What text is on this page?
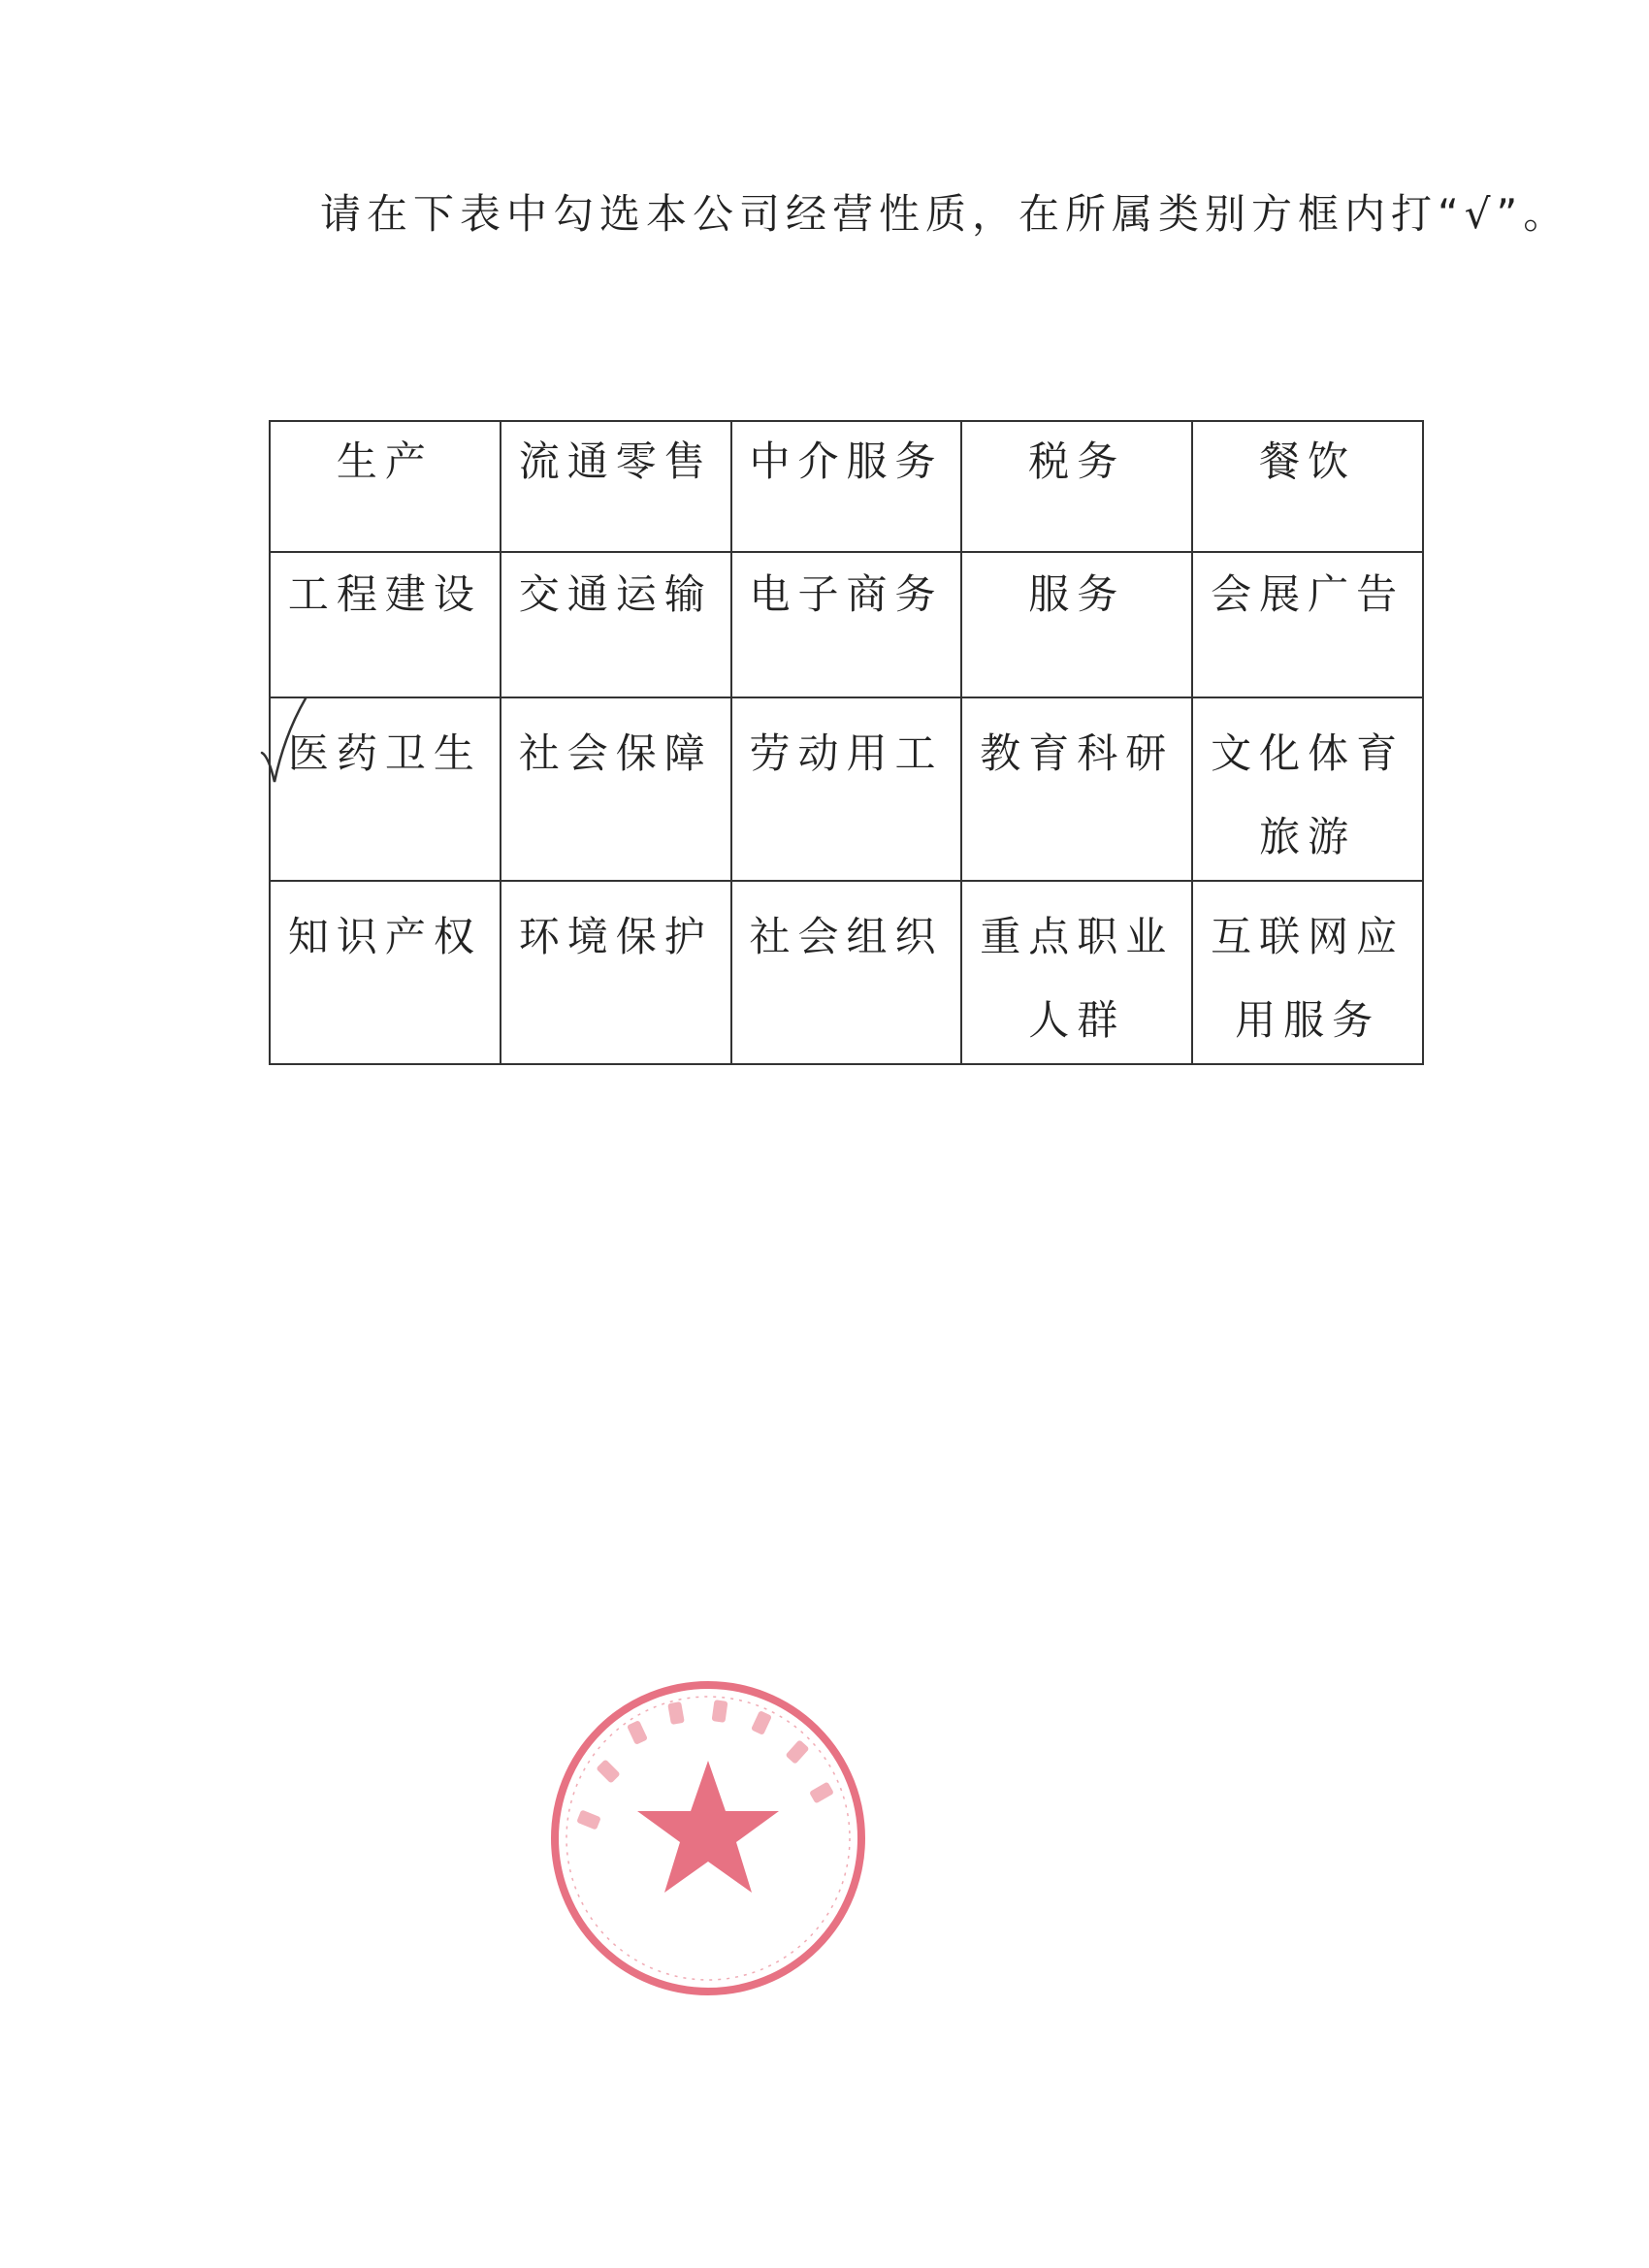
请在下表中勾选本公司经营性质，在所属类别方框内打“√”。
生产	流通零售	中介服务	税务	餐饮
工程建设	交通运输	电子商务	服务	会展广告

医药卫生	社会保障	劳动用工	教育科研	文化体育旅游
知识产权	环境保护	社会组织	重点职业人群	互联网应用服务
